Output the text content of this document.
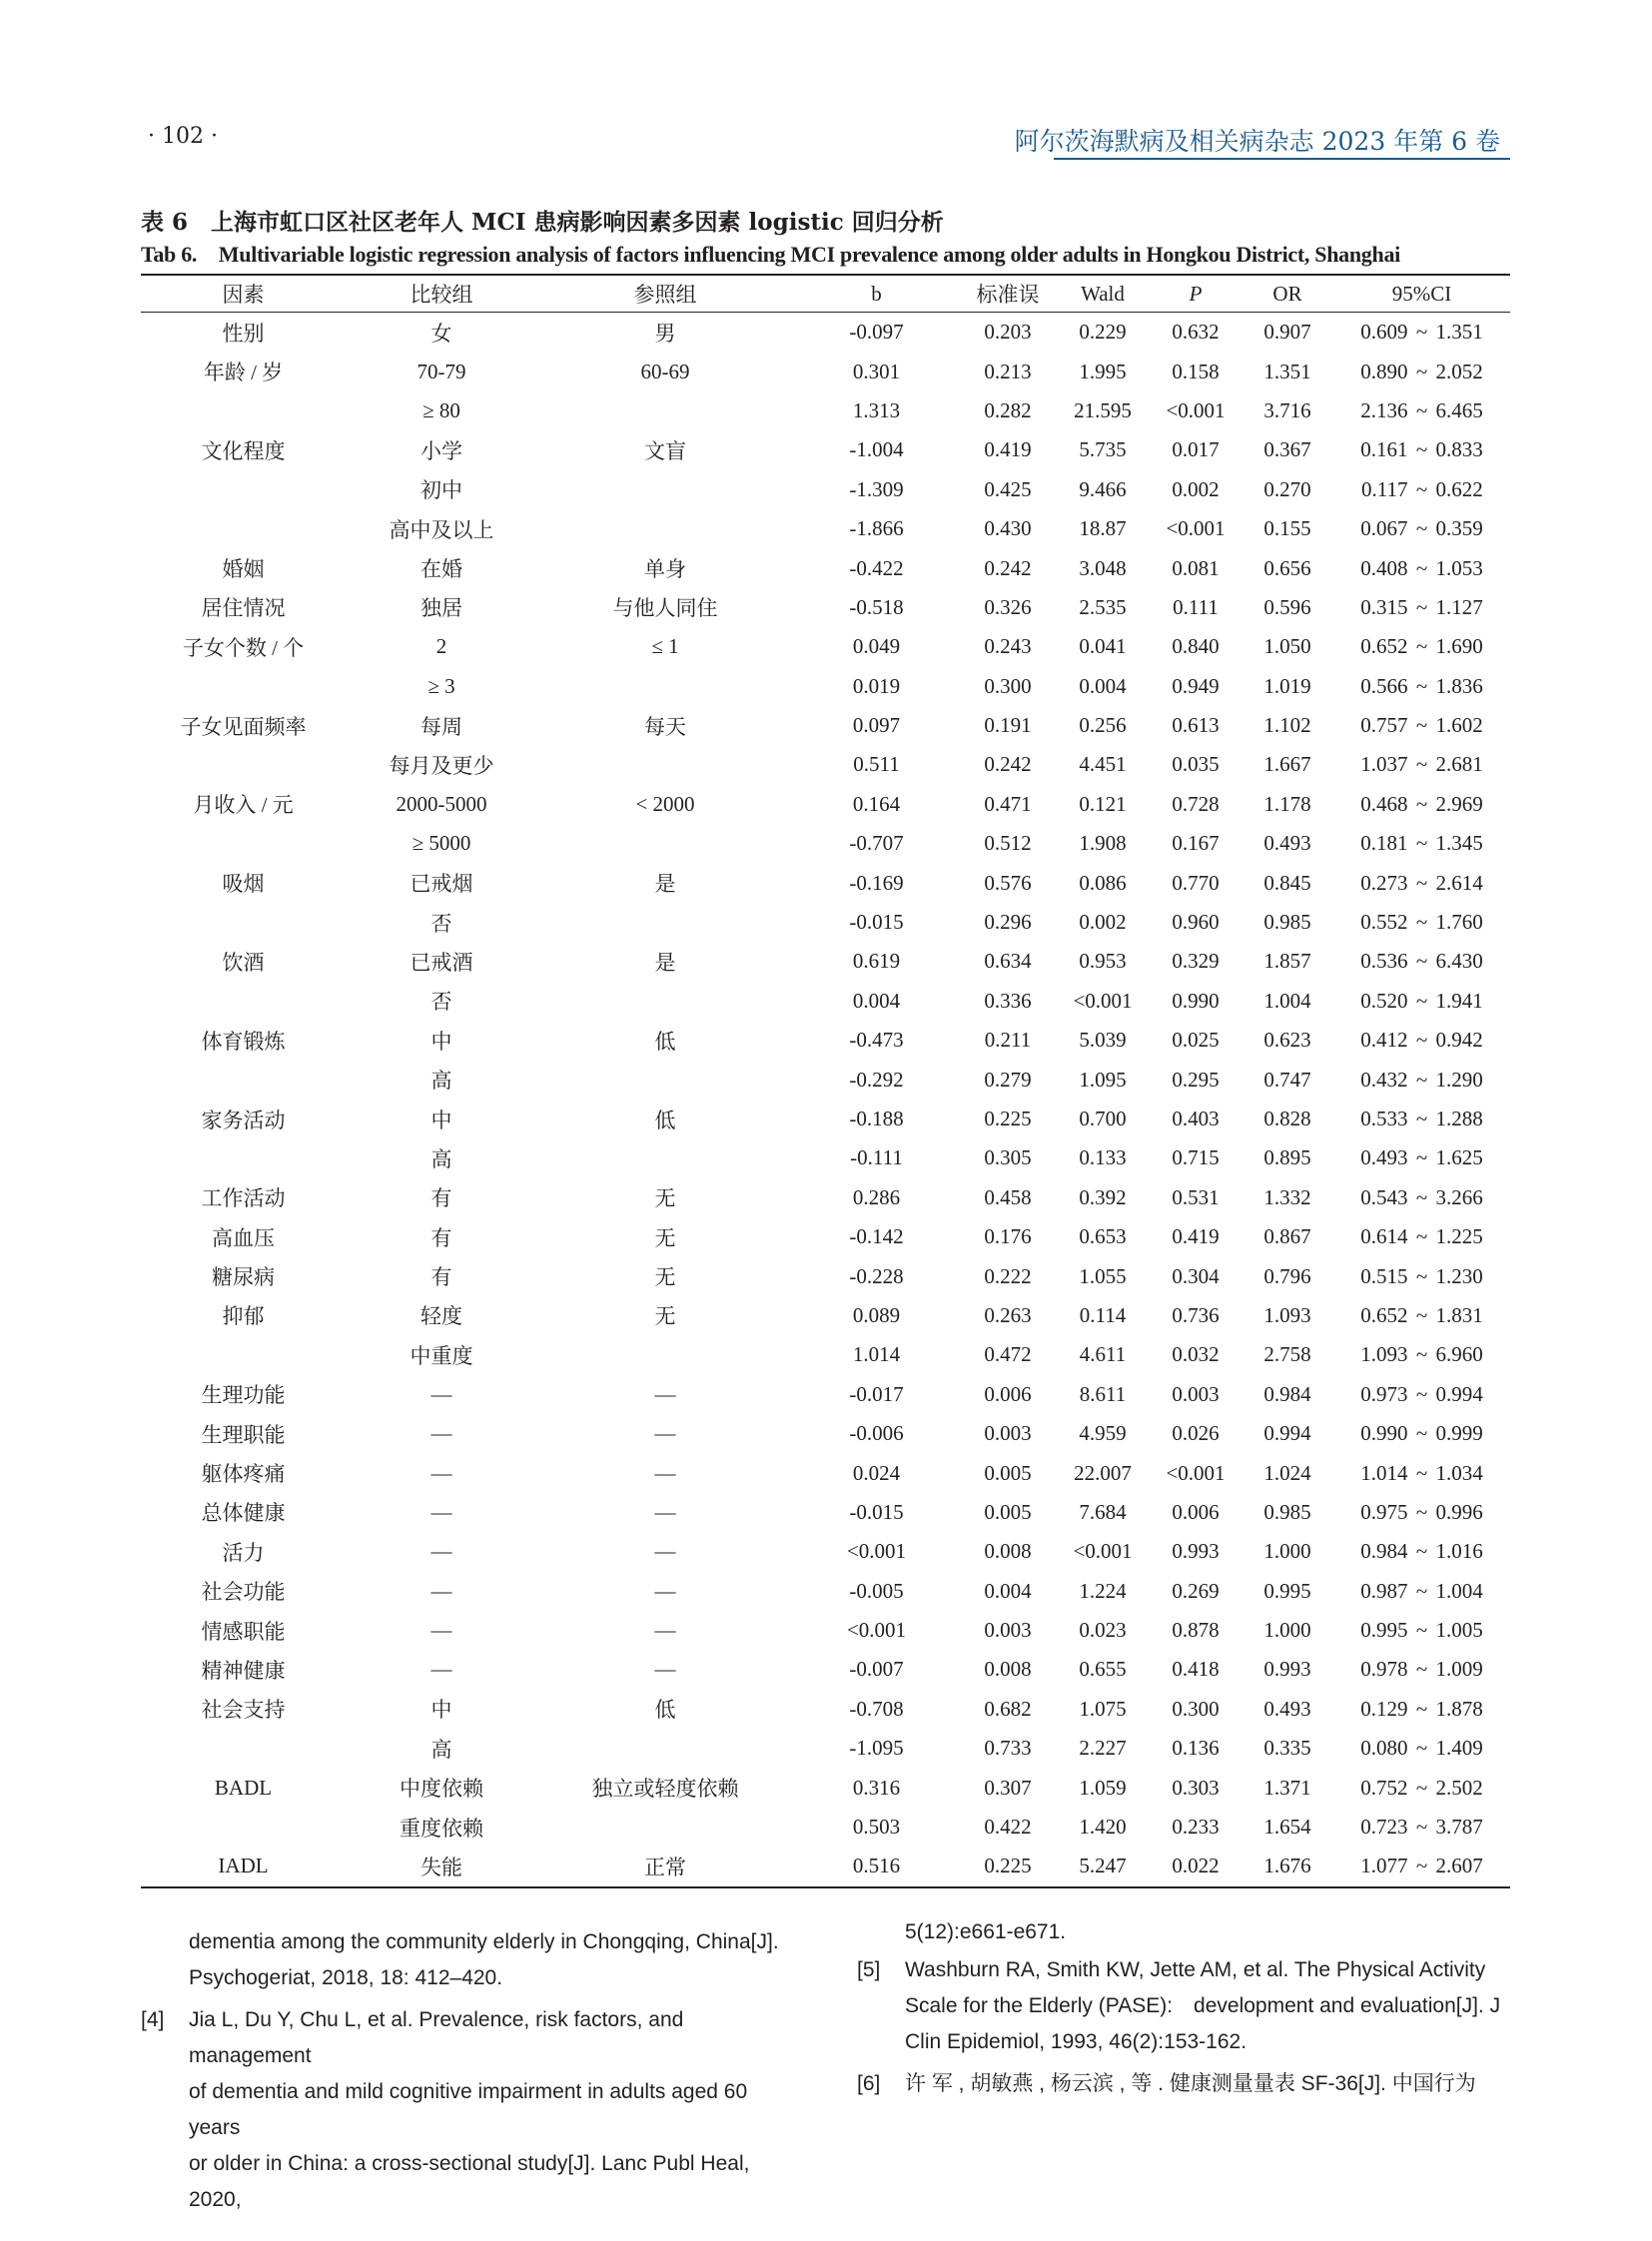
· 102 ·	阿尔茨海默病及相关病杂志 2023 年第 6 卷
表 6　上海市虹口区社区老年人 MCI 患病影响因素多因素 logistic 回归分析
Tab 6.　Multivariable logistic regression analysis of factors influencing MCI prevalence among older adults in Hongkou District, Shanghai
因素	比较组	参照组	b	标准误	Wald	P	OR	95%CI
性别	女	男	-0.097	0.203	0.229	0.632	0.907	0.609 ~ 1.351
年龄 / 岁	70-79	60-69	0.301	0.213	1.995	0.158	1.351	0.890 ~ 2.052
	≥ 80		1.313	0.282	21.595	<0.001	3.716	2.136 ~ 6.465
文化程度	小学	文盲	-1.004	0.419	5.735	0.017	0.367	0.161 ~ 0.833
	初中		-1.309	0.425	9.466	0.002	0.270	0.117 ~ 0.622
	高中及以上		-1.866	0.430	18.87	<0.001	0.155	0.067 ~ 0.359
婚姻	在婚	单身	-0.422	0.242	3.048	0.081	0.656	0.408 ~ 1.053
居住情况	独居	与他人同住	-0.518	0.326	2.535	0.111	0.596	0.315 ~ 1.127
子女个数 / 个	2	≤ 1	0.049	0.243	0.041	0.840	1.050	0.652 ~ 1.690
	≥ 3		0.019	0.300	0.004	0.949	1.019	0.566 ~ 1.836
子女见面频率	每周	每天	0.097	0.191	0.256	0.613	1.102	0.757 ~ 1.602
	每月及更少		0.511	0.242	4.451	0.035	1.667	1.037 ~ 2.681
月收入 / 元	2000-5000	< 2000	0.164	0.471	0.121	0.728	1.178	0.468 ~ 2.969
	≥ 5000		-0.707	0.512	1.908	0.167	0.493	0.181 ~ 1.345
吸烟	已戒烟	是	-0.169	0.576	0.086	0.770	0.845	0.273 ~ 2.614
	否		-0.015	0.296	0.002	0.960	0.985	0.552 ~ 1.760
饮酒	已戒酒	是	0.619	0.634	0.953	0.329	1.857	0.536 ~ 6.430
	否		0.004	0.336	<0.001	0.990	1.004	0.520 ~ 1.941
体育锻炼	中	低	-0.473	0.211	5.039	0.025	0.623	0.412 ~ 0.942
	高		-0.292	0.279	1.095	0.295	0.747	0.432 ~ 1.290
家务活动	中	低	-0.188	0.225	0.700	0.403	0.828	0.533 ~ 1.288
	高		-0.111	0.305	0.133	0.715	0.895	0.493 ~ 1.625
工作活动	有	无	0.286	0.458	0.392	0.531	1.332	0.543 ~ 3.266
高血压	有	无	-0.142	0.176	0.653	0.419	0.867	0.614 ~ 1.225
糖尿病	有	无	-0.228	0.222	1.055	0.304	0.796	0.515 ~ 1.230
抑郁	轻度	无	0.089	0.263	0.114	0.736	1.093	0.652 ~ 1.831
	中重度		1.014	0.472	4.611	0.032	2.758	1.093 ~ 6.960
生理功能	—	—	-0.017	0.006	8.611	0.003	0.984	0.973 ~ 0.994
生理职能	—	—	-0.006	0.003	4.959	0.026	0.994	0.990 ~ 0.999
躯体疼痛	—	—	0.024	0.005	22.007	<0.001	1.024	1.014 ~ 1.034
总体健康	—	—	-0.015	0.005	7.684	0.006	0.985	0.975 ~ 0.996
活力	—	—	<0.001	0.008	<0.001	0.993	1.000	0.984 ~ 1.016
社会功能	—	—	-0.005	0.004	1.224	0.269	0.995	0.987 ~ 1.004
情感职能	—	—	<0.001	0.003	0.023	0.878	1.000	0.995 ~ 1.005
精神健康	—	—	-0.007	0.008	0.655	0.418	0.993	0.978 ~ 1.009
社会支持	中	低	-0.708	0.682	1.075	0.300	0.493	0.129 ~ 1.878
	高		-1.095	0.733	2.227	0.136	0.335	0.080 ~ 1.409
BADL	中度依赖	独立或轻度依赖	0.316	0.307	1.059	0.303	1.371	0.752 ~ 2.502
	重度依赖		0.503	0.422	1.420	0.233	1.654	0.723 ~ 3.787
IADL	失能	正常	0.516	0.225	5.247	0.022	1.676	1.077 ~ 2.607
dementia among the community elderly in Chongqing, China[J].
Psychogeriat, 2018, 18: 412–420.
[4]	Jia L, Du Y, Chu L, et al. Prevalence, risk factors, and management
of dementia and mild cognitive impairment in adults aged 60 years
or older in China: a cross-sectional study[J]. Lanc Publ Heal, 2020,
5(12):e661-e671.
[5]	Washburn RA, Smith KW, Jette AM, et al. The Physical Activity
Scale for the Elderly (PASE):　development and evaluation[J]. J
Clin Epidemiol, 1993, 46(2):153-162.
[6]	许 军 , 胡敏燕 , 杨云滨 , 等 . 健康测量量表 SF-36[J]. 中国行为
